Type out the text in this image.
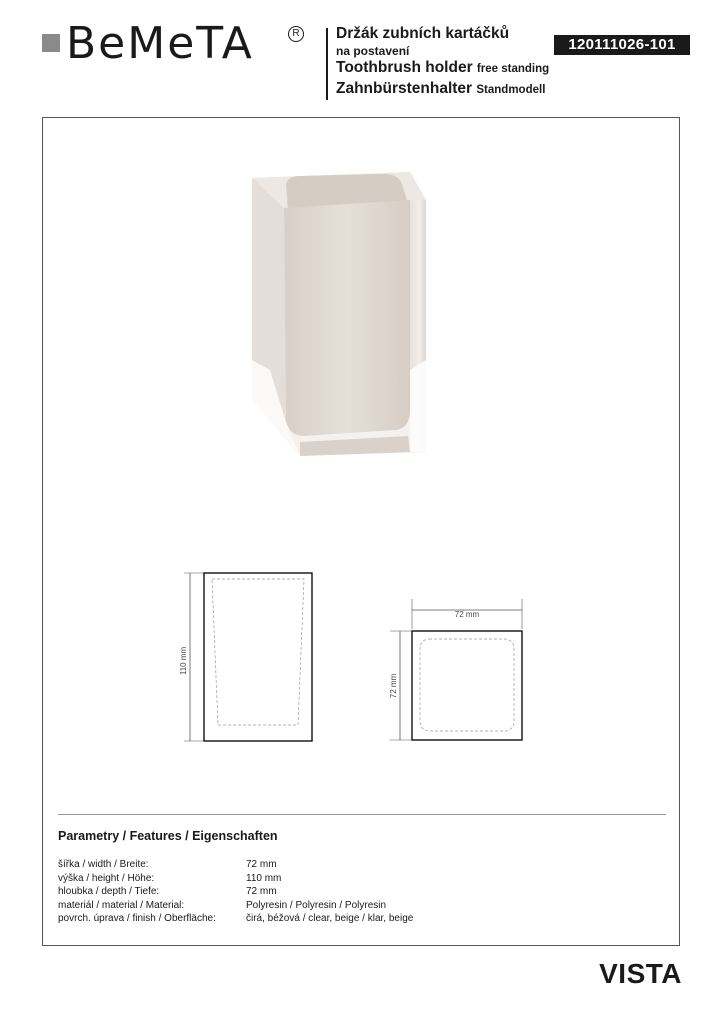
BeMeTA	R Držák zubních kartáčků
na postavení
Toothbrush holder free standing
Zahnbürstenhalter Standmodell
120111026-101
110 mm
72 mm
72 mm
Parametry / Features / Eigenschaften
šířka / width / Breite:	72 mm
výška / height / Höhe:	110 mm
hloubka / depth / Tiefe:	72 mm
materiál / material / Material:	Polyresin / Polyresin / Polyresin
povrch. úprava / finish / Oberfläche:	čirá, béžová / clear, beige / klar, beige
VISTA
